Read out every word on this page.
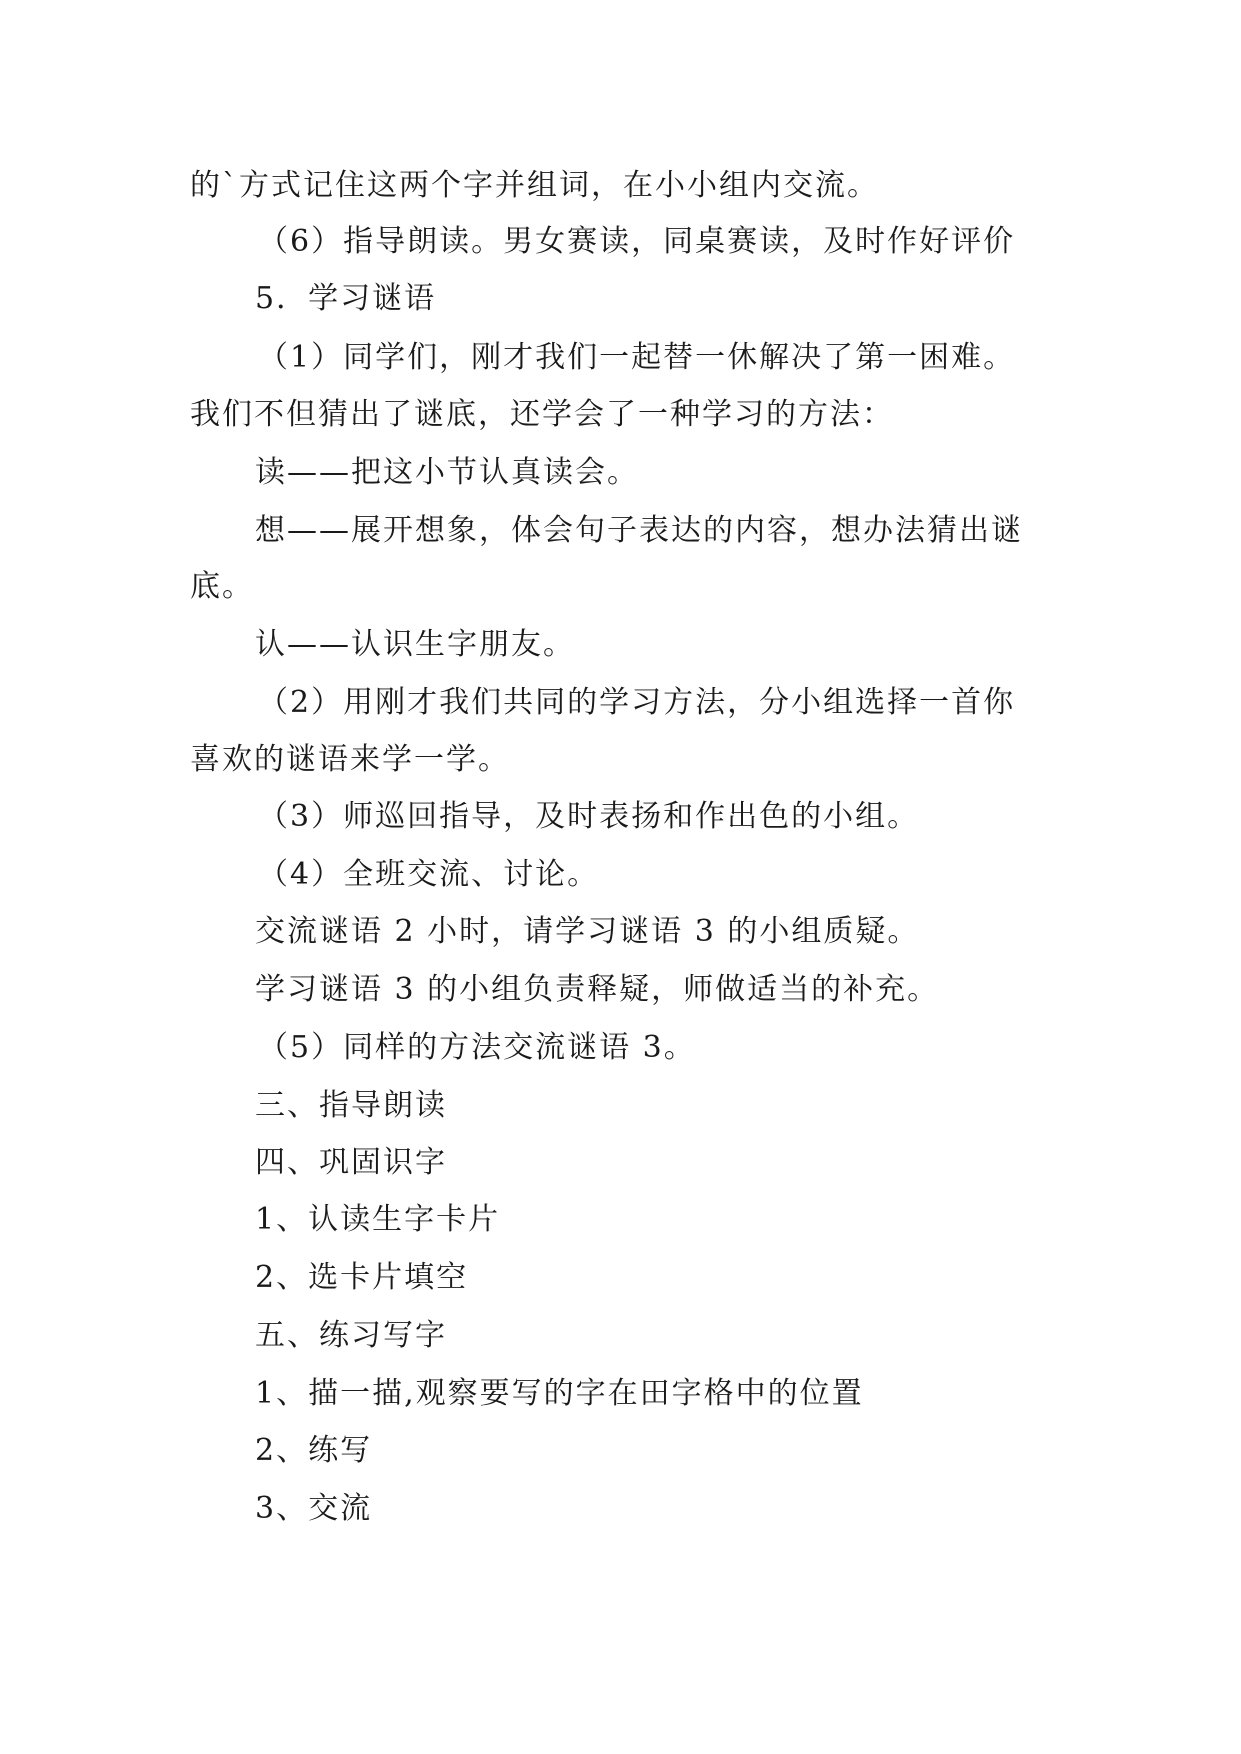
的`方式记住这两个字并组词，在小小组内交流。
（6）指导朗读。男女赛读，同桌赛读，及时作好评价
5．学习谜语
（1）同学们，刚才我们一起替一休解决了第一困难。
我们不但猜出了谜底，还学会了一种学习的方法：
读——把这小节认真读会。
想——展开想象，体会句子表达的内容，想办法猜出谜
底。
认——认识生字朋友。
（2）用刚才我们共同的学习方法，分小组选择一首你
喜欢的谜语来学一学。
（3）师巡回指导，及时表扬和作出色的小组。
（4）全班交流、讨论。
交流谜语 2 小时，请学习谜语 3 的小组质疑。
学习谜语 3 的小组负责释疑，师做适当的补充。
（5）同样的方法交流谜语 3。
三、指导朗读
四、巩固识字
1、认读生字卡片
2、选卡片填空
五、练习写字
1、描一描,观察要写的字在田字格中的位置
2、练写
3、交流
